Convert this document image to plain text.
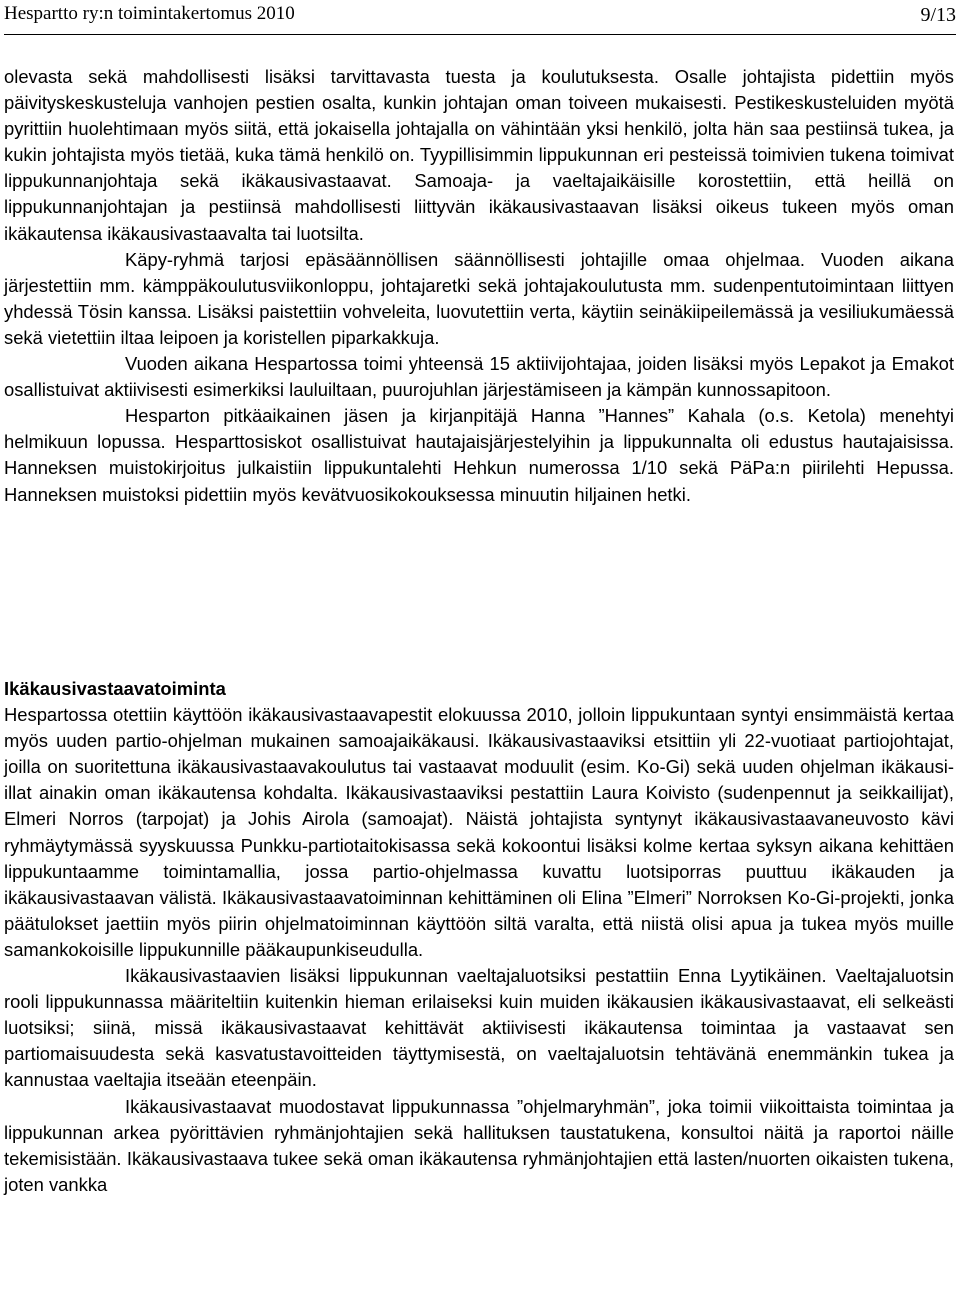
Hesparttо ry:n toimintakertomus 2010	9/13

olevasta sekä mahdollisesti lisäksi tarvittavasta tuesta ja koulutuksesta. Osalle johtajista pidettiin myös päivityskeskusteluja vanhojen pestien osalta, kunkin johtajan oman toiveen mukaisesti. Pestikeskusteluiden myötä pyrittiin huolehtimaan myös siitä, että jokaisella johtajalla on vähintään yksi henkilö, jolta hän saa pestiinsä tukea, ja kukin johtajista myös tietää, kuka tämä henkilö on. Tyypillisimmin lippukunnan eri pesteissä toimivien tukena toimivat lippukunnanjohtaja sekä ikäkausivastaavat. Samoaja- ja vaeltajaikäisille korostettiin, että heillä on lippukunnanjohtajan ja pestiinsä mahdollisesti liittyvän ikäkausivastaavan lisäksi oikeus tukeen myös oman ikäkautensa ikäkausivastaavalta tai luotsilta.

Käpy-ryhmä tarjosi epäsäännöllisen säännöllisesti johtajille omaa ohjelmaa. Vuoden aikana järjestettiin mm. kämppäkoulutusviikonloppu, johtajaretki sekä johtajakoulutusta mm. sudenpentutoimintaan liittyen yhdessä Tösin kanssa. Lisäksi paistettiin vohveleita, luovutettiin verta, käytiin seinäkiipeilemässä ja vesiliukumäessä sekä vietettiin iltaa leipoen ja koristellen piparkakkuja.

Vuoden aikana Hespartossa toimi yhteensä 15 aktiivijohtajaa, joiden lisäksi myös Lepakot ja Emakot osallistuivat aktiivisesti esimerkiksi lauluiltaan, puurojuhlan järjestämiseen ja kämpän kunnossapitoon.

Hesparton pitkäaikainen jäsen ja kirjanpitäjä Hanna ”Hannes” Kahala (o.s. Ketola) menehtyi helmikuun lopussa. Hesparttosiskot osallistuivat hautajaisjärjestelyihin ja lippukunnalta oli edustus hautajaisissa. Hanneksen muistokirjoitus julkaistiin lippukuntalehti Hehkun numerossa 1/10 sekä PäPa:n piirilehti Hepussa. Hanneksen muistoksi pidettiin myös kevätvuosikokouksessa minuutin hiljainen hetki.

Ikäkausivastaavatoiminta

Hespartossa otettiin käyttöön ikäkausivastaavapestit elokuussa 2010, jolloin lippukuntaan syntyi ensimmäistä kertaa myös uuden partio-ohjelman mukainen samoajaikäkausi. Ikäkausivastaaviksi etsittiin yli 22-vuotiaat partiojohtajat, joilla on suoritettuna ikäkausivastaavakoulutus tai vastaavat moduulit (esim. Ko-Gi) sekä uuden ohjelman ikäkausi-illat ainakin oman ikäkautensa kohdalta. Ikäkausivastaaviksi pestattiin Laura Koivisto (sudenpennut ja seikkailijat), Elmeri Norros (tarpojat) ja Johis Airola (samoajat). Näistä johtajista syntynyt ikäkausivastaavaneuvosto kävi ryhmäytymässä syyskuussa Punkku-partiotaitokisassa sekä kokoontui lisäksi kolme kertaa syksyn aikana kehittäen lippukuntaamme toimintamallia, jossa partio-ohjelmassa kuvattu luotsiporras puuttuu ikäkauden ja ikäkausivastaavan välistä. Ikäkausivastaavatoiminnan kehittäminen oli Elina ”Elmeri” Norroksen Ko-Gi-projekti, jonka päätulokset jaettiin myös piirin ohjelmatoiminnan käyttöön siltä varalta, että niistä olisi apua ja tukea myös muille samankokoisille lippukunnille pääkaupunkiseudulla.

Ikäkausivastaavien lisäksi lippukunnan vaeltajaluotsiksi pestattiin Enna Lyytikäinen. Vaeltajaluotsin rooli lippukunnassa määriteltiin kuitenkin hieman erilaiseksi kuin muiden ikäkausien ikäkausivastaavat, eli selkeästi luotsiksi; siinä, missä ikäkausivastaavat kehittävät aktiivisesti ikäkautensa toimintaa ja vastaavat sen partiomaisuudesta sekä kasvatustavoitteiden täyttymisestä, on vaeltajaluotsin tehtävänä enemmänkin tukea ja kannustaa vaeltajia itseään eteenpäin.

Ikäkausivastaavat muodostavat lippukunnassa ”ohjelmaryhmän”, joka toimii viikoittaista toimintaa ja lippukunnan arkea pyörittävien ryhmänjohtajien sekä hallituksen taustatukena, konsultoi näitä ja raportoi näille tekemisistään. Ikäkausivastaava tukee sekä oman ikäkautensa ryhmänjohtajien että lasten/nuorten oikaisten tukena, joten vankka
